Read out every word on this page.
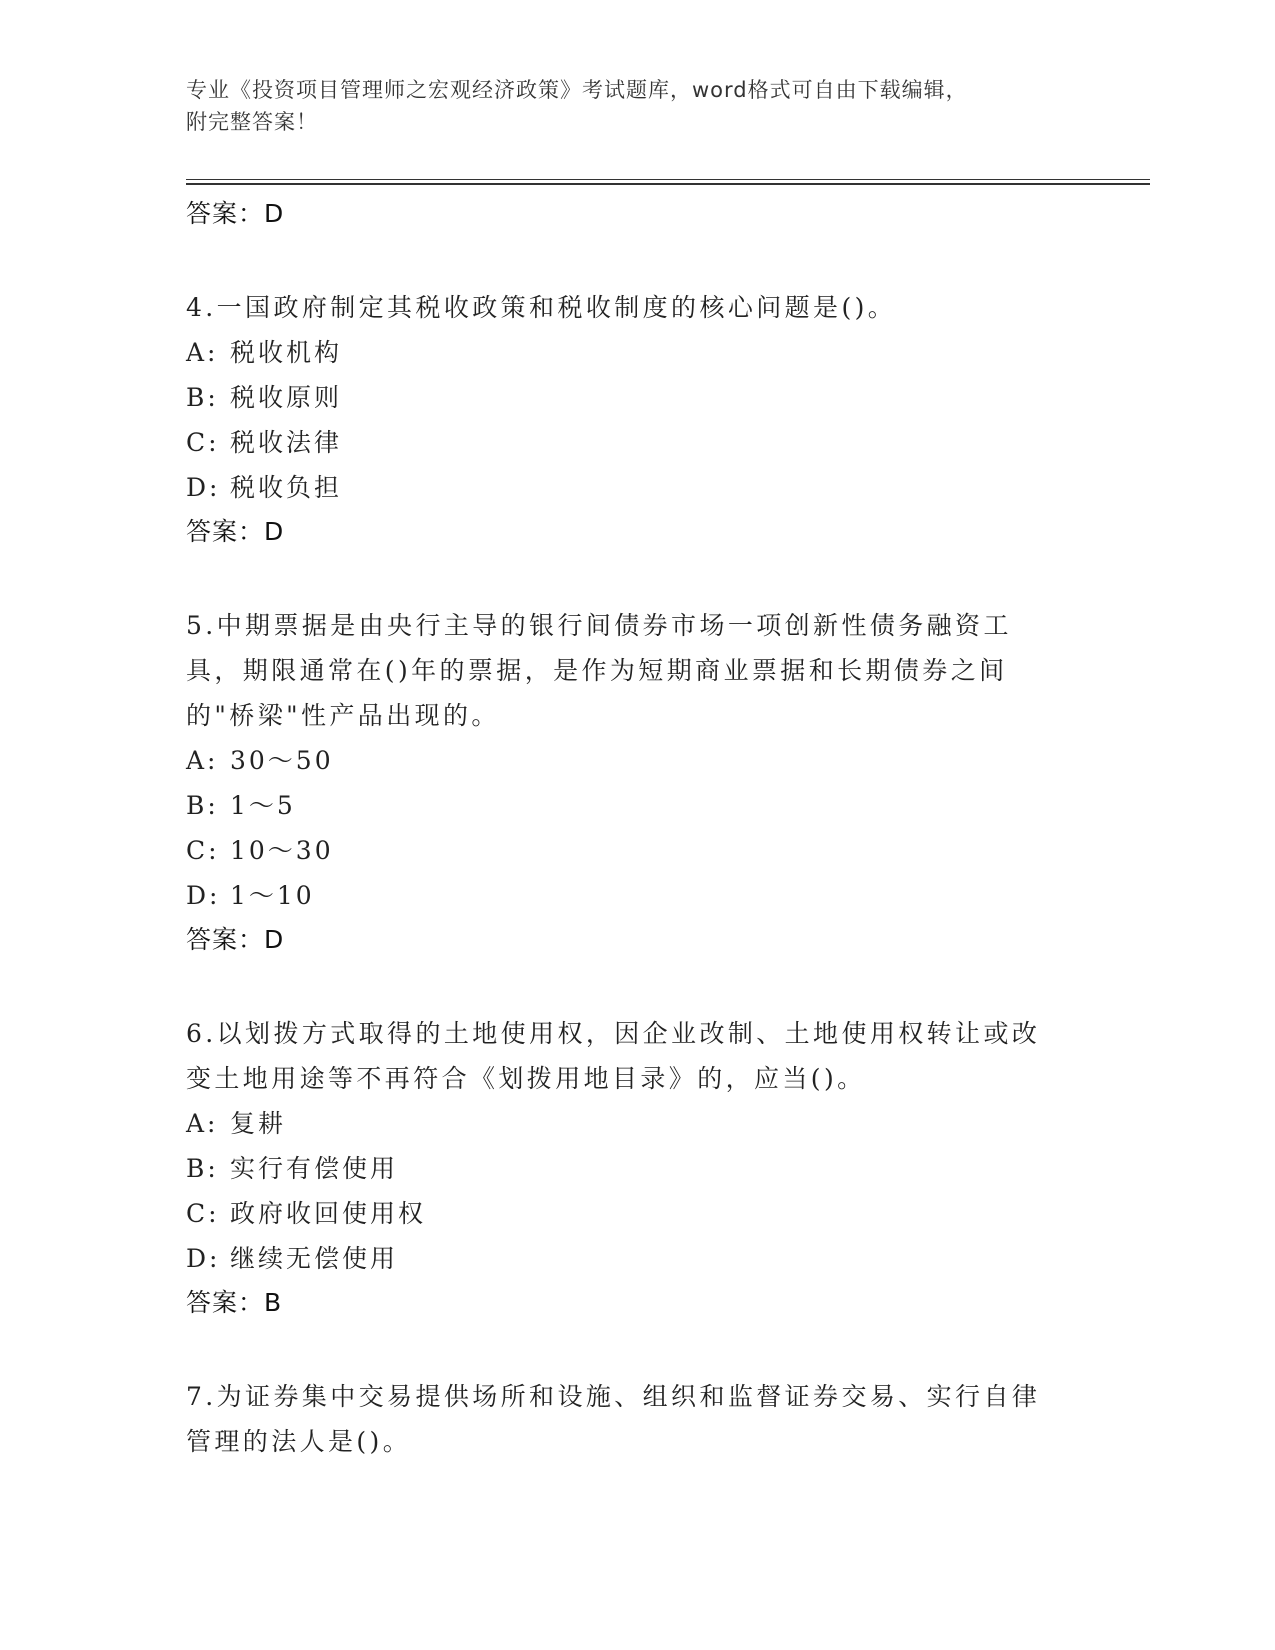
专业《投资项目管理师之宏观经济政策》考试题库，word格式可自由下载编辑，
附完整答案！
答案：D
4.一国政府制定其税收政策和税收制度的核心问题是()。
A: 税收机构
B: 税收原则
C: 税收法律
D: 税收负担
答案：D
5.中期票据是由央行主导的银行间债券市场一项创新性债务融资工具，期限通常在()年的票据，是作为短期商业票据和长期债券之间的"桥梁"性产品出现的。
A: 30～50
B: 1～5
C: 10～30
D: 1～10
答案：D
6.以划拨方式取得的土地使用权，因企业改制、土地使用权转让或改变土地用途等不再符合《划拨用地目录》的，应当()。
A: 复耕
B: 实行有偿使用
C: 政府收回使用权
D: 继续无偿使用
答案：B
7.为证券集中交易提供场所和设施、组织和监督证券交易、实行自律管理的法人是()。
